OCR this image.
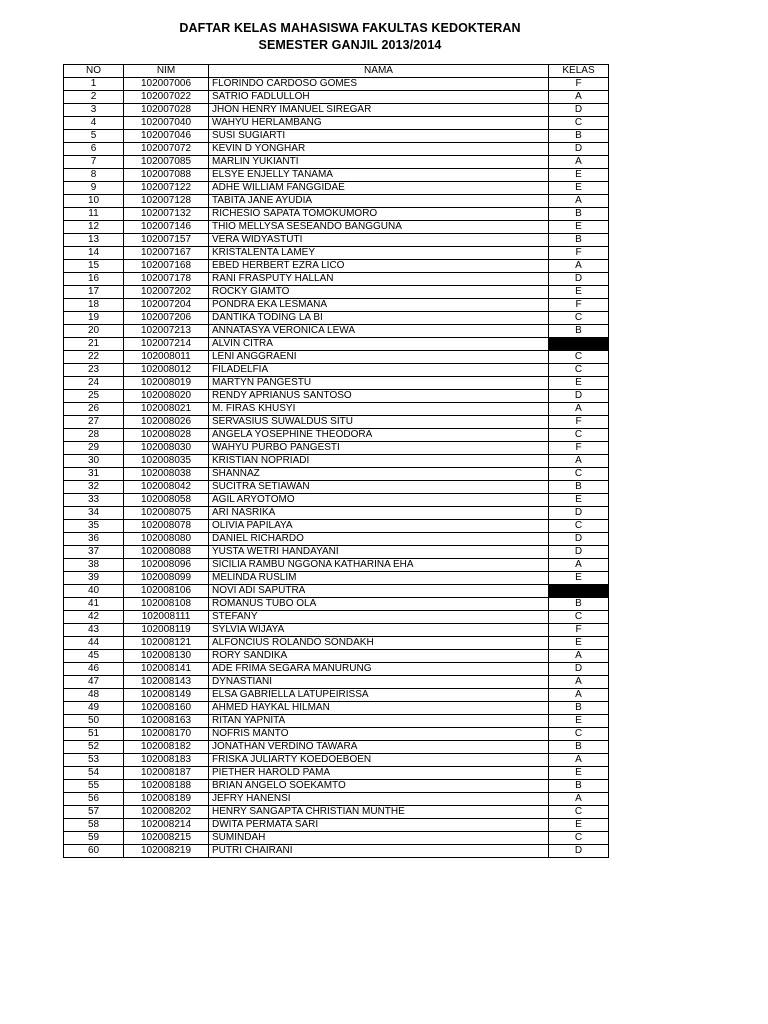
DAFTAR KELAS MAHASISWA FAKULTAS KEDOKTERAN
SEMESTER GANJIL 2013/2014
NO	NIM	NAMA	KELAS
1	102007006	FLORINDO CARDOSO GOMES	F
2	102007022	SATRIO FADLULLOH	A
3	102007028	JHON HENRY IMANUEL SIREGAR	D
4	102007040	WAHYU HERLAMBANG	C
5	102007046	SUSI SUGIARTI	B
6	102007072	KEVIN D YONGHAR	D
7	102007085	MARLIN YUKIANTI	A
8	102007088	ELSYE ENJELLY TANAMA	E
9	102007122	ADHE WILLIAM FANGGIDAE	E
10	102007128	TABITA JANE AYUDIA	A
11	102007132	RICHESIO SAPATA TOMOKUMORO	B
12	102007146	THIO MELLYSA SESEANDO BANGGUNA	E
13	102007157	VERA WIDYASTUTI	B
14	102007167	KRISTALENTA LAMEY	F
15	102007168	EBED HERBERT EZRA LICO	A
16	102007178	RANI FRASPUTY HALLAN	D
17	102007202	ROCKY GIAMTO	E
18	102007204	PONDRA EKA LESMANA	F
19	102007206	DANTIKA TODING LA BI	C
20	102007213	ANNATASYA VERONICA LEWA	B
21	102007214	ALVIN CITRA	
22	102008011	LENI ANGGRAENI	C
23	102008012	FILADELFIA	C
24	102008019	MARTYN PANGESTU	E
25	102008020	RENDY APRIANUS SANTOSO	D
26	102008021	M. FIRAS KHUSYI	A
27	102008026	SERVASIUS SUWALDUS SITU	F
28	102008028	ANGELA YOSEPHINE THEODORA	C
29	102008030	WAHYU PURBO PANGESTI	F
30	102008035	KRISTIAN NOPRIADI	A
31	102008038	SHANNAZ	C
32	102008042	SUCITRA SETIAWAN	B
33	102008058	AGIL ARYOTOMO	E
34	102008075	ARI NASRIKA	D
35	102008078	OLIVIA PAPILAYA	C
36	102008080	DANIEL RICHARDO	D
37	102008088	YUSTA WETRI HANDAYANI	D
38	102008096	SICILIA RAMBU NGGONA KATHARINA EHA	A
39	102008099	MELINDA RUSLIM	E
40	102008106	NOVI ADI SAPUTRA	
41	102008108	ROMANUS TUBO OLA	B
42	102008111	STEFANY	C
43	102008119	SYLVIA WIJAYA	F
44	102008121	ALFONCIUS ROLANDO SONDAKH	E
45	102008130	RORY SANDIKA	A
46	102008141	ADE FRIMA SEGARA MANURUNG	D
47	102008143	DYNASTIANI	A
48	102008149	ELSA GABRIELLA LATUPEIRISSA	A
49	102008160	AHMED HAYKAL HILMAN	B
50	102008163	RITAN YAPNITA	E
51	102008170	NOFRIS MANTO	C
52	102008182	JONATHAN VERDINO TAWARA	B
53	102008183	FRISKA JULIARTY KOEDOEBOEN	A
54	102008187	PIETHER HAROLD PAMA	E
55	102008188	BRIAN ANGELO SOEKAMTO	B
56	102008189	JEFRY HANENSI	A
57	102008202	HENRY SANGAPTA CHRISTIAN MUNTHE	C
58	102008214	DWITA PERMATA SARI	E
59	102008215	SUMINDAH	C
60	102008219	PUTRI CHAIRANI	D
